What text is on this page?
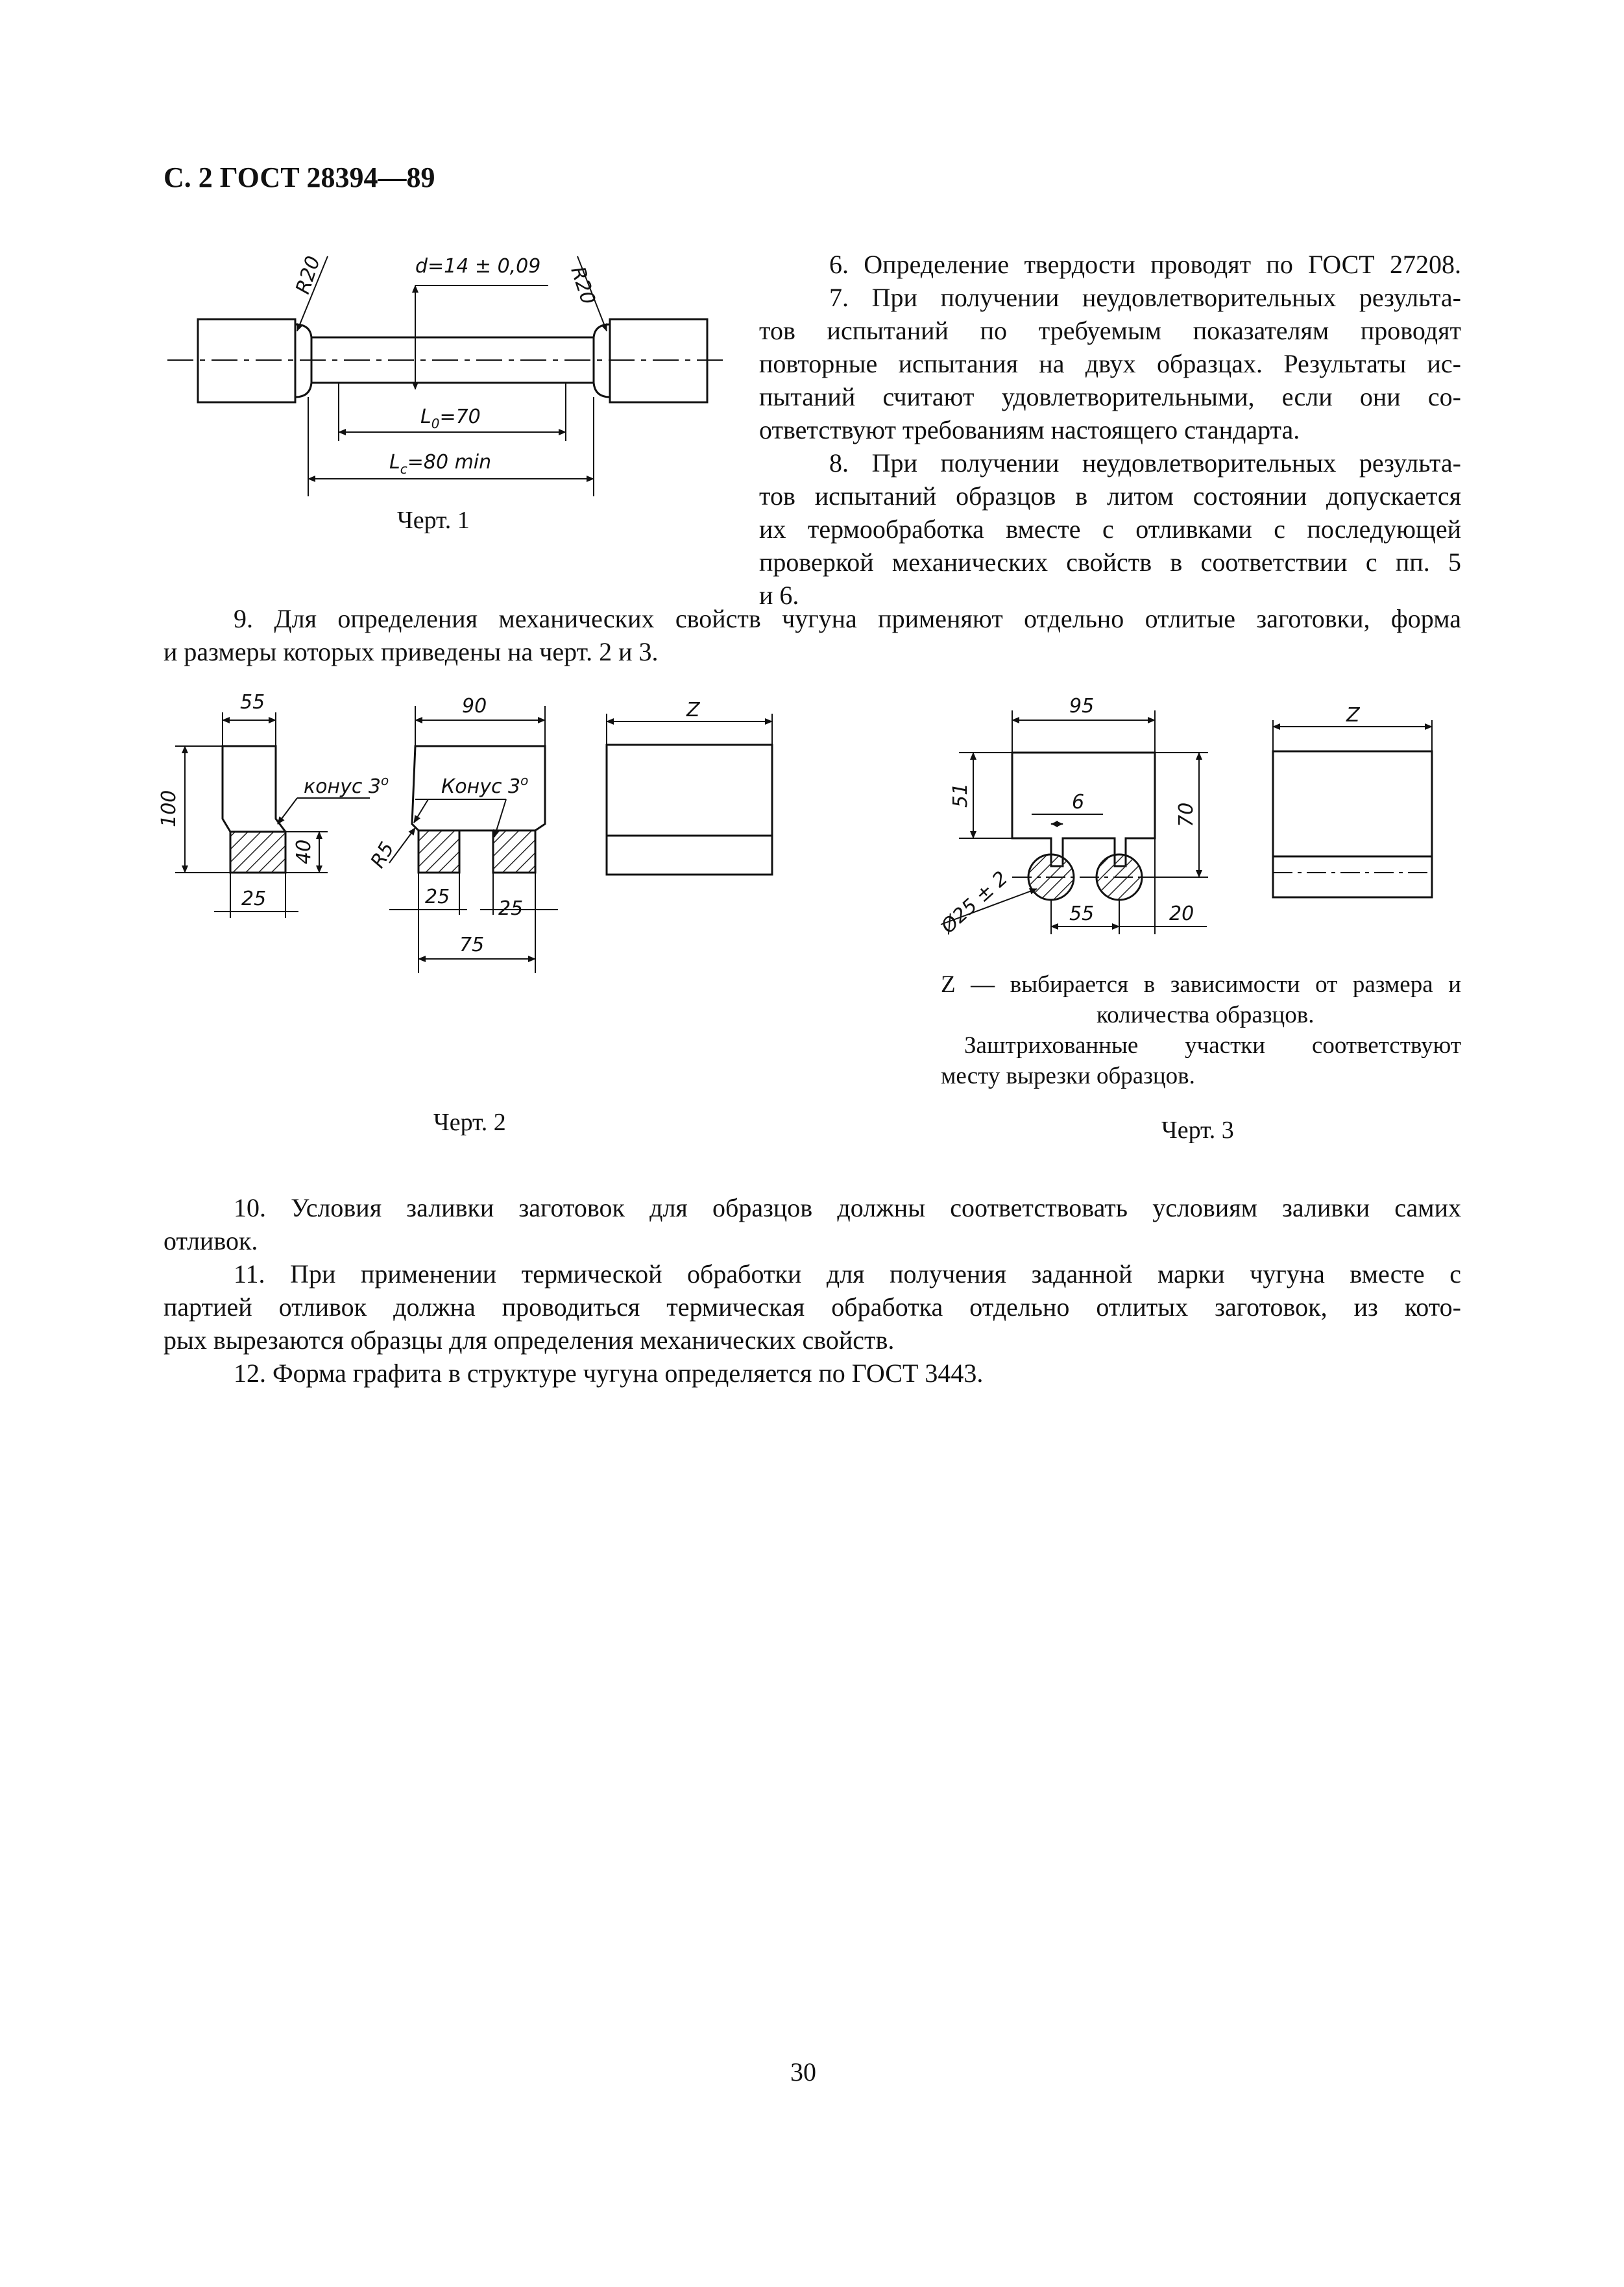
С. 2 ГОСТ 28394—89
6. Определение твердости проводят по ГОСТ 27208.
7. При получении неудовлетворительных результа-
тов испытаний по требуемым показателям проводят
повторные испытания на двух образцах. Результаты ис-
пытаний считают удовлетворительными, если они со-
ответствуют требованиям настоящего стандарта.
8. При получении неудовлетворительных результа-
тов испытаний образцов в литом состоянии допускается
их термообработка вместе с отливками с последующей
проверкой механических свойств в соответствии с пп. 5
и 6.
9. Для определения механических свойств чугуна применяют отдельно отлитые заготовки, форма
и размеры которых приведены на черт. 2 и 3.
10. Условия заливки заготовок для образцов должны соответствовать условиям заливки самих
отливок.
11. При применении термической обработки для получения заданной марки чугуна вместе с
партией отливок должна проводиться термическая обработка отдельно отлитых заготовок, из кото-
рых вырезаются образцы для определения механических свойств.
12. Форма графита в структуре чугуна определяется по ГОСТ 3443.
Черт. 1
Черт. 2	Черт. 3
Z — выбирается в зависимости от размера и
количества образцов.
Заштрихованные участки соответствуют
месту вырезки образцов.
30
d=14 ± 0,09
R20	R20
$L_0=70$
$L_c=80$ min
55
100
конус 3$^o$
40
25
90
Конус 3$^o$
R5
25
25
75
Z	95
51	6
70
Ø25 ± 2	55	20
Z
